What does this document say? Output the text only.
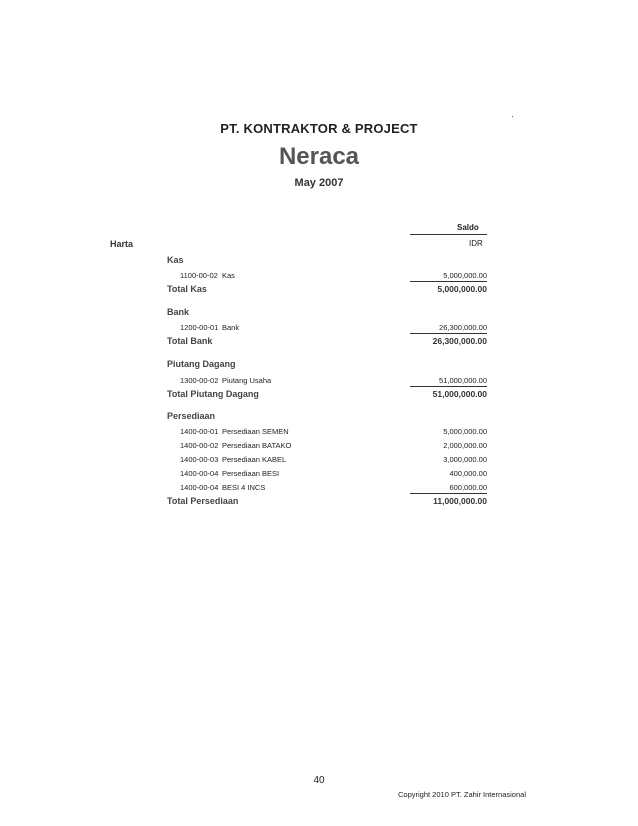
.
PT. KONTRAKTOR & PROJECT
Neraca
May 2007
Saldo
IDR
Harta
Kas
1100-00-02 Kas	5,000,000.00
Total Kas	5,000,000.00
Bank
1200-00-01 Bank	26,300,000.00
Total Bank	26,300,000.00
Piutang Dagang
1300-00-02 Piutang Usaha	51,000,000.00
Total Piutang Dagang	51,000,000.00
Persediaan
1400-00-01 Persediaan SEMEN	5,000,000.00
1400-00-02 Persediaan BATAKO	2,000,000.00
1400-00-03 Persediaan KABEL	3,000,000.00
1400-00-04 Persediaan BESI	400,000.00
1400-00-04 BESI 4 INCS	600,000.00
Total Persediaan	11,000,000.00
40
Copyright 2010 PT. Zahir Internasional
